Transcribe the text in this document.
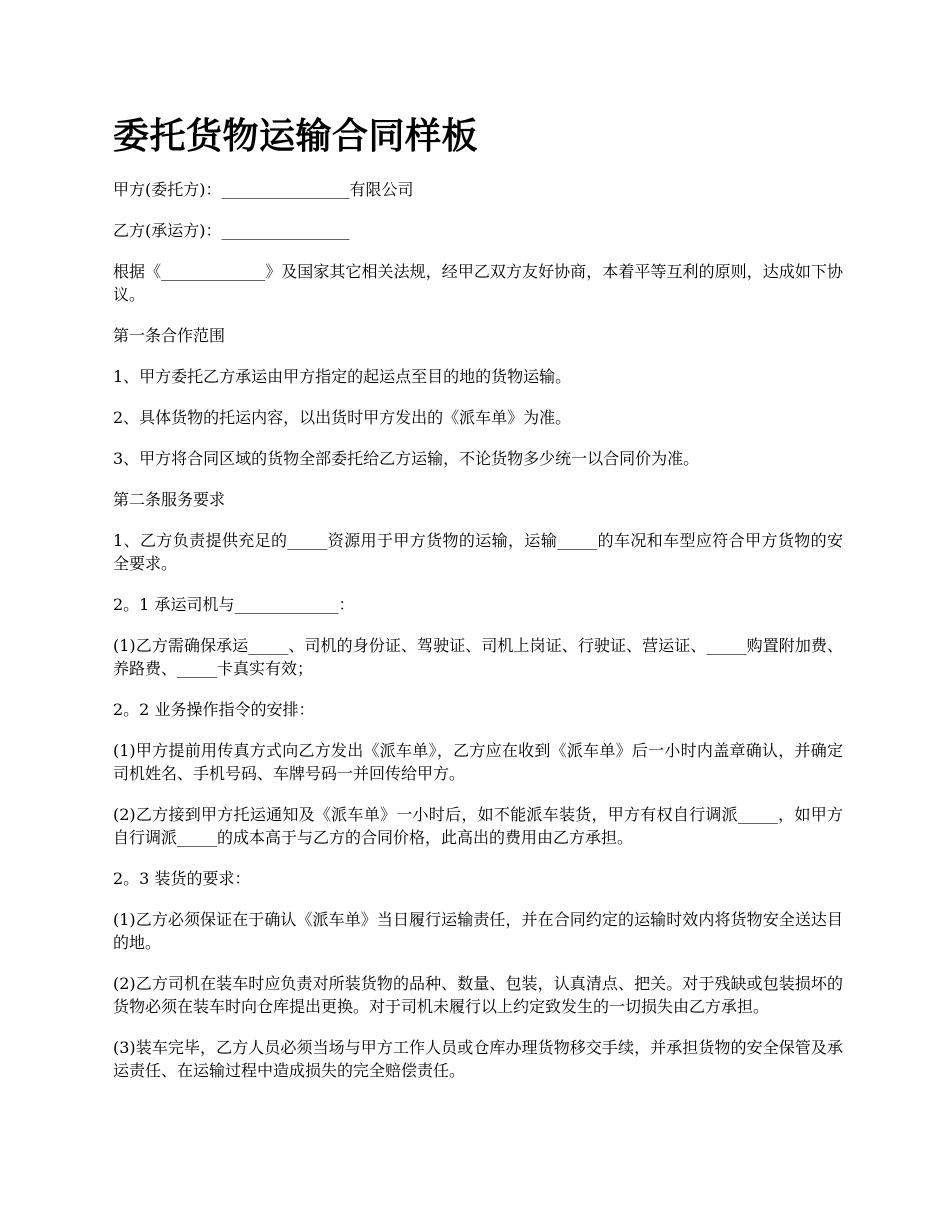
委托货物运输合同样板

甲方(委托方)：________________有限公司

乙方(承运方)：________________

根据《_____________》及国家其它相关法规，经甲乙双方友好协商，本着平等互利的原则，达成如下协议。

第一条合作范围

1、甲方委托乙方承运由甲方指定的起运点至目的地的货物运输。

2、具体货物的托运内容，以出货时甲方发出的《派车单》为准。

3、甲方将合同区域的货物全部委托给乙方运输，不论货物多少统一以合同价为准。

第二条服务要求

1、乙方负责提供充足的_____资源用于甲方货物的运输，运输_____的车况和车型应符合甲方货物的安全要求。

2。1 承运司机与_____________：

(1)乙方需确保承运_____、司机的身份证、驾驶证、司机上岗证、行驶证、营运证、_____购置附加费、养路费、_____卡真实有效；

2。2 业务操作指令的安排：

(1)甲方提前用传真方式向乙方发出《派车单》，乙方应在收到《派车单》后一小时内盖章确认，并确定司机姓名、手机号码、车牌号码一并回传给甲方。

(2)乙方接到甲方托运通知及《派车单》一小时后，如不能派车装货，甲方有权自行调派_____，如甲方自行调派_____的成本高于与乙方的合同价格，此高出的费用由乙方承担。

2。3 装货的要求：

(1)乙方必须保证在于确认《派车单》当日履行运输责任，并在合同约定的运输时效内将货物安全送达目的地。

(2)乙方司机在装车时应负责对所装货物的品种、数量、包装，认真清点、把关。对于残缺或包装损坏的货物必须在装车时向仓库提出更换。对于司机未履行以上约定致发生的一切损失由乙方承担。

(3)装车完毕，乙方人员必须当场与甲方工作人员或仓库办理货物移交手续，并承担货物的安全保管及承运责任、在运输过程中造成损失的完全赔偿责任。
